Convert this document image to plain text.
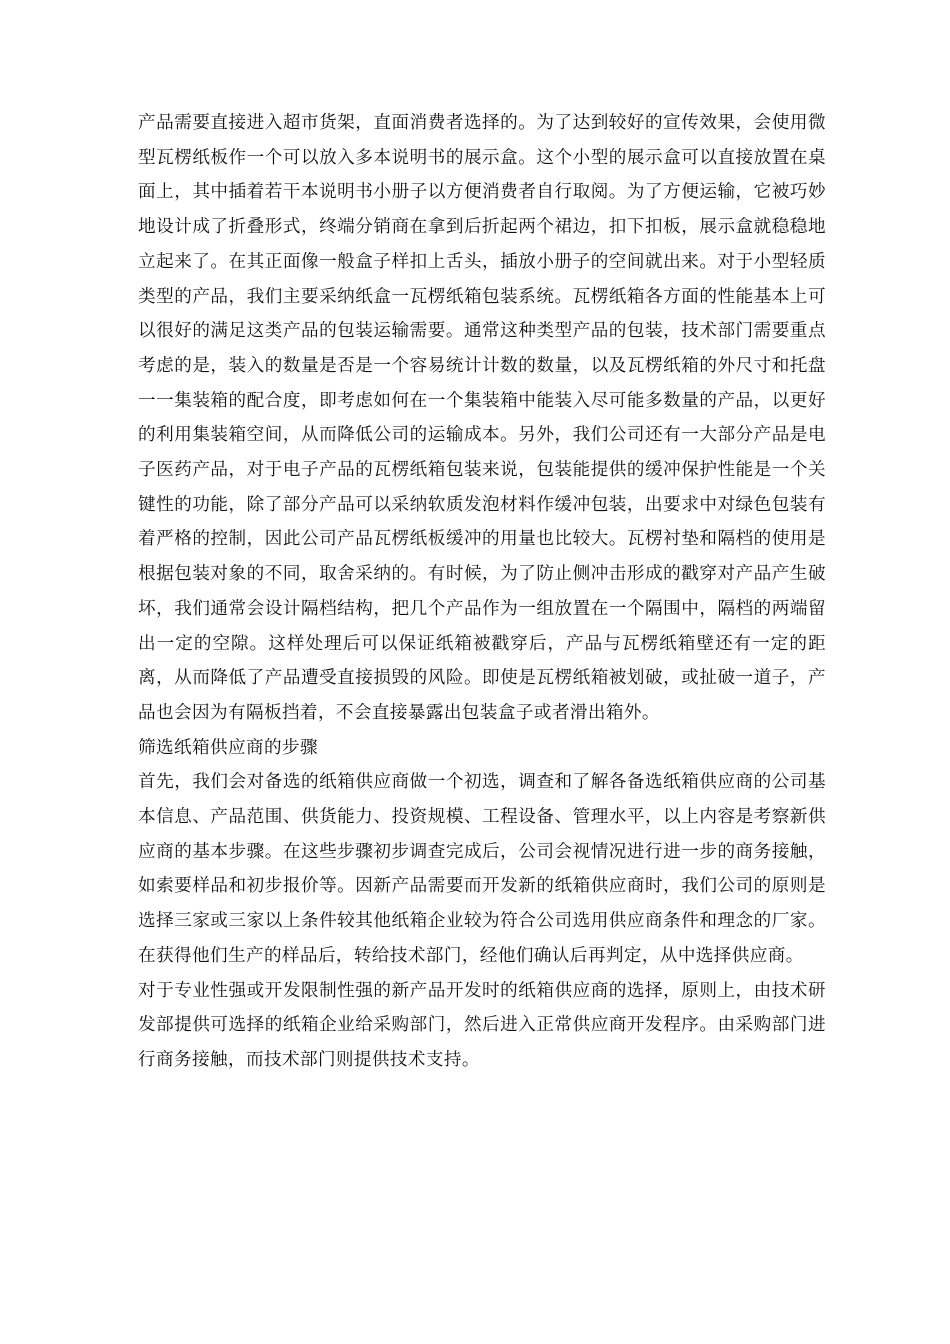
产品需要直接进入超市货架，直面消费者选择的。为了达到较好的宣传效果，会使用微型瓦楞纸板作一个可以放入多本说明书的展示盒。这个小型的展示盒可以直接放置在桌面上，其中插着若干本说明书小册子以方便消费者自行取阅。为了方便运输，它被巧妙地设计成了折叠形式，终端分销商在拿到后折起两个裙边，扣下扣板，展示盒就稳稳地立起来了。在其正面像一般盒子样扣上舌头，插放小册子的空间就出来。对于小型轻质类型的产品，我们主要采纳纸盒一瓦楞纸箱包装系统。瓦楞纸箱各方面的性能基本上可以很好的满足这类产品的包装运输需要。通常这种类型产品的包装，技术部门需要重点考虑的是，装入的数量是否是一个容易统计计数的数量，以及瓦楞纸箱的外尺寸和托盘一一集装箱的配合度，即考虑如何在一个集装箱中能装入尽可能多数量的产品，以更好的利用集装箱空间，从而降低公司的运输成本。另外，我们公司还有一大部分产品是电子医药产品，对于电子产品的瓦楞纸箱包装来说，包装能提供的缓冲保护性能是一个关键性的功能，除了部分产品可以采纳软质发泡材料作缓冲包装，出要求中对绿色包装有着严格的控制，因此公司产品瓦楞纸板缓冲的用量也比较大。瓦楞衬垫和隔档的使用是根据包装对象的不同，取舍采纳的。有时候，为了防止侧冲击形成的戳穿对产品产生破坏，我们通常会设计隔档结构，把几个产品作为一组放置在一个隔围中，隔档的两端留出一定的空隙。这样处理后可以保证纸箱被戳穿后，产品与瓦楞纸箱壁还有一定的距离，从而降低了产品遭受直接损毁的风险。即使是瓦楞纸箱被划破，或扯破一道子，产品也会因为有隔板挡着，不会直接暴露出包装盒子或者滑出箱外。

筛选纸箱供应商的步骤

首先，我们会对备选的纸箱供应商做一个初选，调查和了解各备选纸箱供应商的公司基本信息、产品范围、供货能力、投资规模、工程设备、管理水平，以上内容是考察新供应商的基本步骤。在这些步骤初步调查完成后，公司会视情况进行进一步的商务接触，如索要样品和初步报价等。因新产品需要而开发新的纸箱供应商时，我们公司的原则是选择三家或三家以上条件较其他纸箱企业较为符合公司选用供应商条件和理念的厂家。在获得他们生产的样品后，转给技术部门，经他们确认后再判定，从中选择供应商。

对于专业性强或开发限制性强的新产品开发时的纸箱供应商的选择，原则上，由技术研发部提供可选择的纸箱企业给采购部门，然后进入正常供应商开发程序。由采购部门进行商务接触，而技术部门则提供技术支持。
